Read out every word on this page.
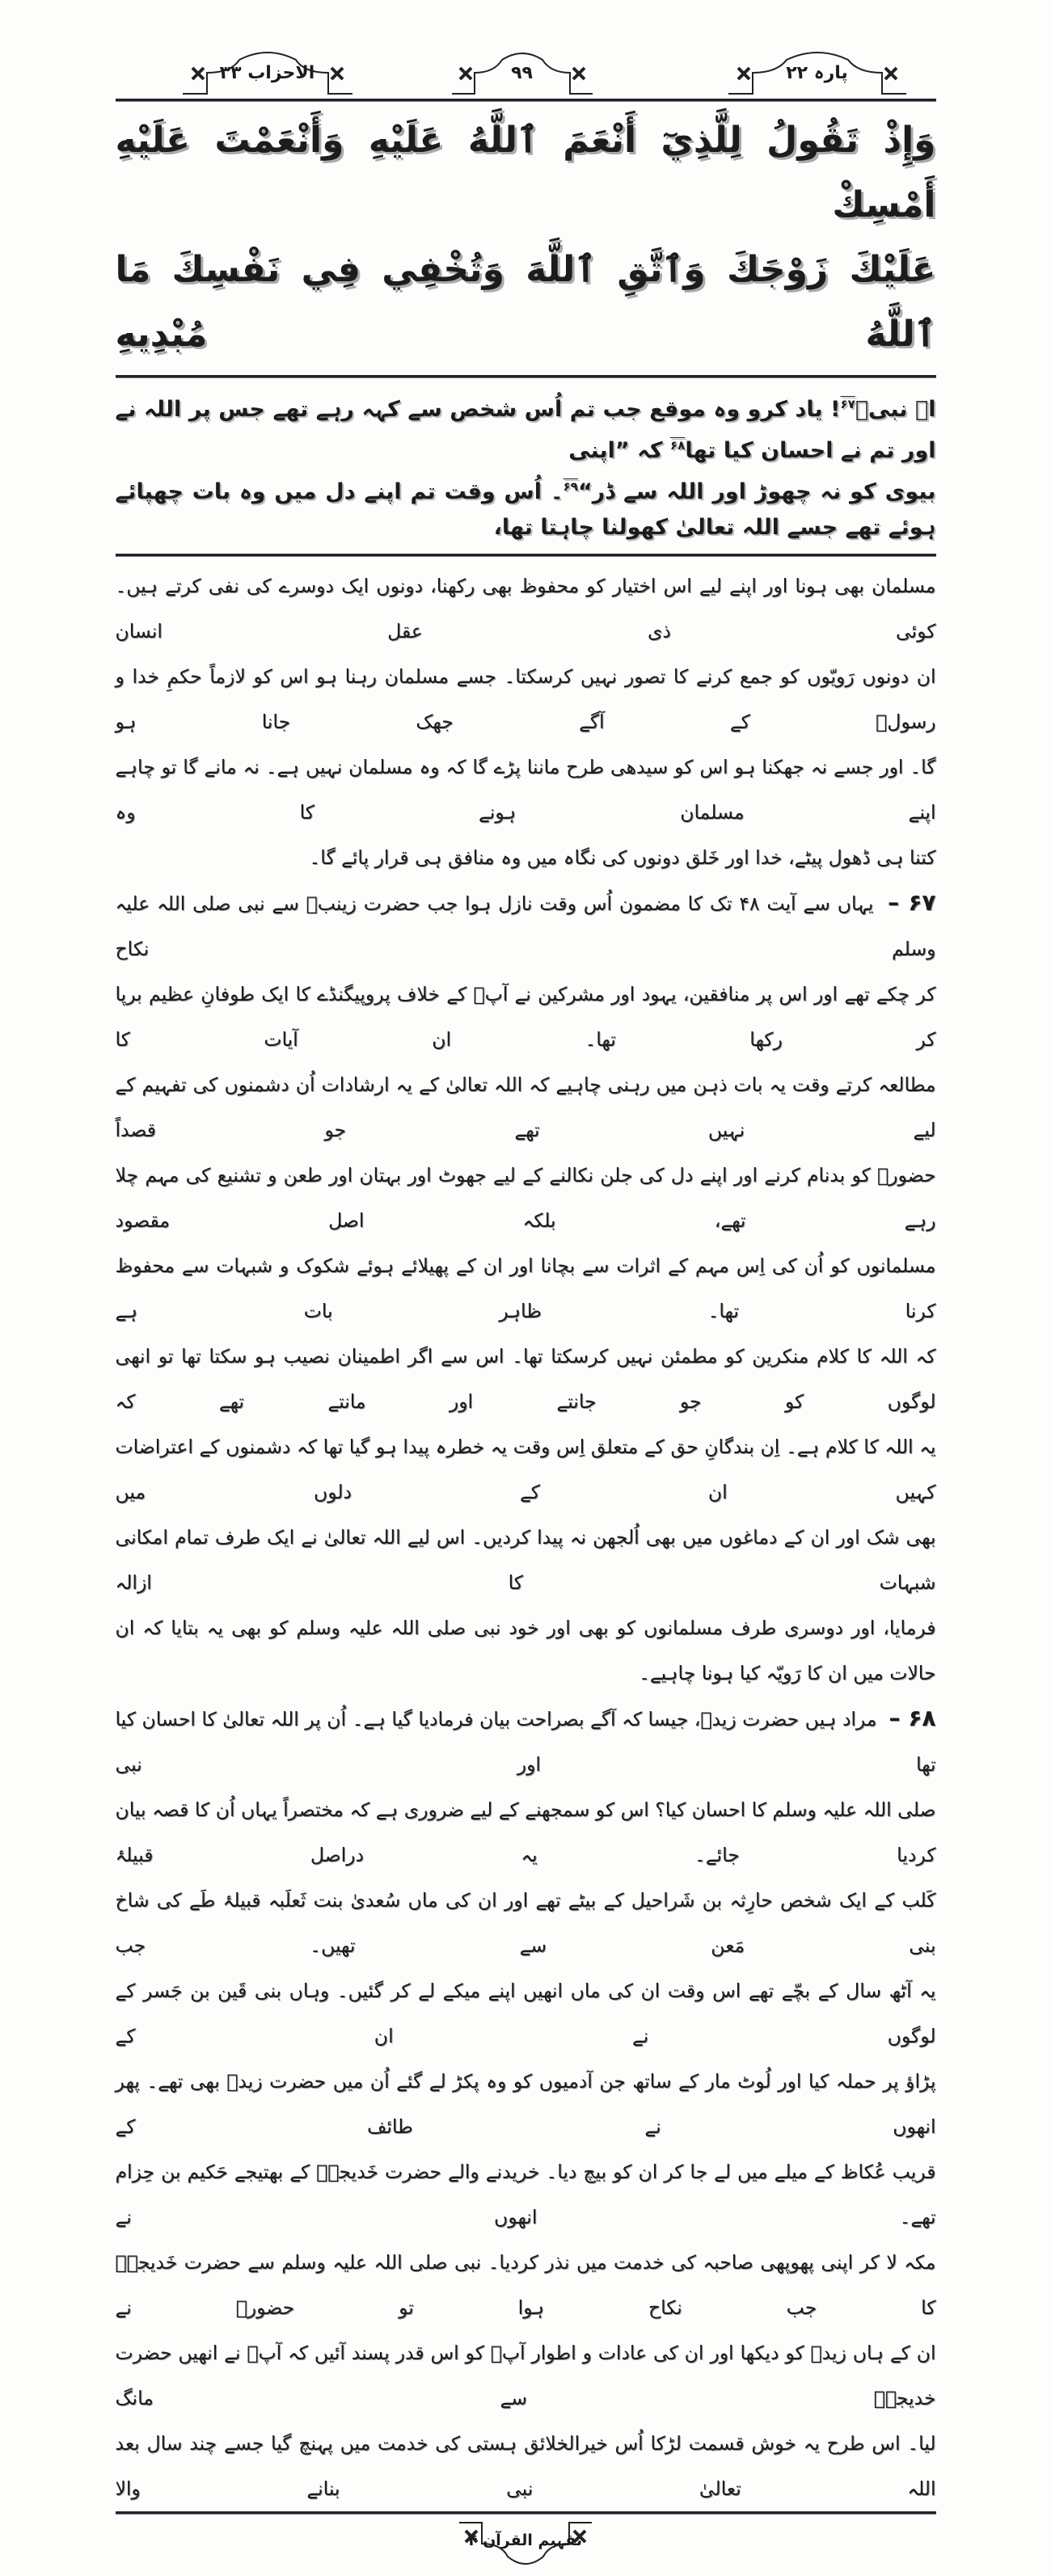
الاحزاب ۳۳	۹۹	پارہ ۲۲
وَإِذْ تَقُولُ لِلَّذِيٓ أَنْعَمَ ٱللَّهُ عَلَيْهِ وَأَنْعَمْتَ عَلَيْهِ أَمْسِكْ
عَلَيْكَ زَوْجَكَ وَٱتَّقِ ٱللَّهَ وَتُخْفِي فِي نَفْسِكَ مَا ٱللَّهُ مُبْدِيهِ
اے نبیؐ$^{۶۷}$! یاد کرو وہ موقع جب تم اُس شخص سے کہہ رہے تھے جس پر اللہ نے اور تم نے احسان کیا تھا$^{۶۸}$ کہ ”اپنی
بیوی کو نہ چھوڑ اور اللہ سے ڈر“$^{۶۹}$۔ اُس وقت تم اپنے دل میں وہ بات چھپائے ہوئے تھے جسے اللہ تعالیٰ کھولنا چاہتا تھا،
مسلمان بھی ہونا اور اپنے لیے اس اختیار کو محفوظ بھی رکھنا، دونوں ایک دوسرے کی نفی کرتے ہیں۔ کوئی ذی عقل انسان
ان دونوں رَویّوں کو جمع کرنے کا تصور نہیں کرسکتا۔ جسے مسلمان رہنا ہو اس کو لازماً حکمِ خدا و رسولؐ کے آگے جھک جانا ہو
گا۔ اور جسے نہ جھکنا ہو اس کو سیدھی طرح ماننا پڑے گا کہ وہ مسلمان نہیں ہے۔ نہ مانے گا تو چاہے اپنے مسلمان ہونے کا وہ
کتنا ہی ڈھول پیٹے، خدا اور خَلق دونوں کی نگاہ میں وہ منافق ہی قرار پائے گا۔
۶۷ –  یہاں سے آیت ۴۸ تک کا مضمون اُس وقت نازل ہوا جب حضرت زینبؓ سے نبی صلی اللہ علیہ وسلم نکاح
کر چکے تھے اور اس پر منافقین، یہود اور مشرکین نے آپؐ کے خلاف پروپیگنڈے کا ایک طوفانِ عظیم برپا کر رکھا تھا۔ ان آیات کا
مطالعہ کرتے وقت یہ بات ذہن میں رہنی چاہیے کہ اللہ تعالیٰ کے یہ ارشادات اُن دشمنوں کی تفہیم کے لیے نہیں تھے جو قصداً
حضورؐ کو بدنام کرنے اور اپنے دل کی جلن نکالنے کے لیے جھوٹ اور بہتان اور طعن و تشنیع کی مہم چلا رہے تھے، بلکہ اصل مقصود
مسلمانوں کو اُن کی اِس مہم کے اثرات سے بچانا اور ان کے پھیلائے ہوئے شکوک و شبہات سے محفوظ کرنا تھا۔ ظاہر بات ہے
کہ اللہ کا کلام منکرین کو مطمئن نہیں کرسکتا تھا۔ اس سے اگر اطمینان نصیب ہو سکتا تھا تو انھی لوگوں کو جو جانتے اور مانتے تھے کہ
یہ اللہ کا کلام ہے۔ اِن بندگانِ حق کے متعلق اِس وقت یہ خطرہ پیدا ہو گیا تھا کہ دشمنوں کے اعتراضات کہیں ان کے دلوں میں
بھی شک اور ان کے دماغوں میں بھی اُلجھن نہ پیدا کردیں۔ اس لیے اللہ تعالیٰ نے ایک طرف تمام امکانی شبہات کا ازالہ
فرمایا، اور دوسری طرف مسلمانوں کو بھی اور خود نبی صلی اللہ علیہ وسلم کو بھی یہ بتایا کہ ان حالات میں ان کا رَویّہ کیا ہونا چاہیے۔
۶۸ –  مراد ہیں حضرت زیدؓ، جیسا کہ آگے بصراحت بیان فرمادیا گیا ہے۔ اُن پر اللہ تعالیٰ کا احسان کیا تھا اور نبی
صلی اللہ علیہ وسلم کا احسان کیا؟ اس کو سمجھنے کے لیے ضروری ہے کہ مختصراً یہاں اُن کا قصہ بیان کردیا جائے۔ یہ دراصل قبیلۂ
کَلب کے ایک شخص حارِثہ بن شَراحیل کے بیٹے تھے اور ان کی ماں سُعدیٰ بنت ثَعلَبہ قبیلۂ طَے کی شاخ بنی مَعن سے تھیں۔ جب
یہ آٹھ سال کے بچّے تھے اس وقت ان کی ماں انھیں اپنے میکے لے کر گئیں۔ وہاں بنی قَین بن جَسر کے لوگوں نے ان کے
پڑاؤ پر حملہ کیا اور لُوٹ مار کے ساتھ جن آدمیوں کو وہ پکڑ لے گئے اُن میں حضرت زیدؓ بھی تھے۔ پھر انھوں نے طائف کے
قریب عُکاظ کے میلے میں لے جا کر ان کو بیچ دیا۔ خریدنے والے حضرت خَدیجہؓ کے بھتیجے حَکیم بن حِزام تھے۔ انھوں نے
مکہ لا کر اپنی پھوپھی صاحبہ کی خدمت میں نذر کردیا۔ نبی صلی اللہ علیہ وسلم سے حضرت خَدیجہؓ کا جب نکاح ہوا تو حضورؐ نے
ان کے ہاں زیدؓ کو دیکھا اور ان کی عادات و اطوار آپؐ کو اس قدر پسند آئیں کہ آپؐ نے انھیں حضرت خدیجہؓ سے مانگ
لیا۔ اس طرح یہ خوش قسمت لڑکا اُس خیرالخلائق ہستی کی خدمت میں پہنچ گیا جسے چند سال بعد اللہ تعالیٰ نبی بنانے والا
تفہیم القرآن ۴
